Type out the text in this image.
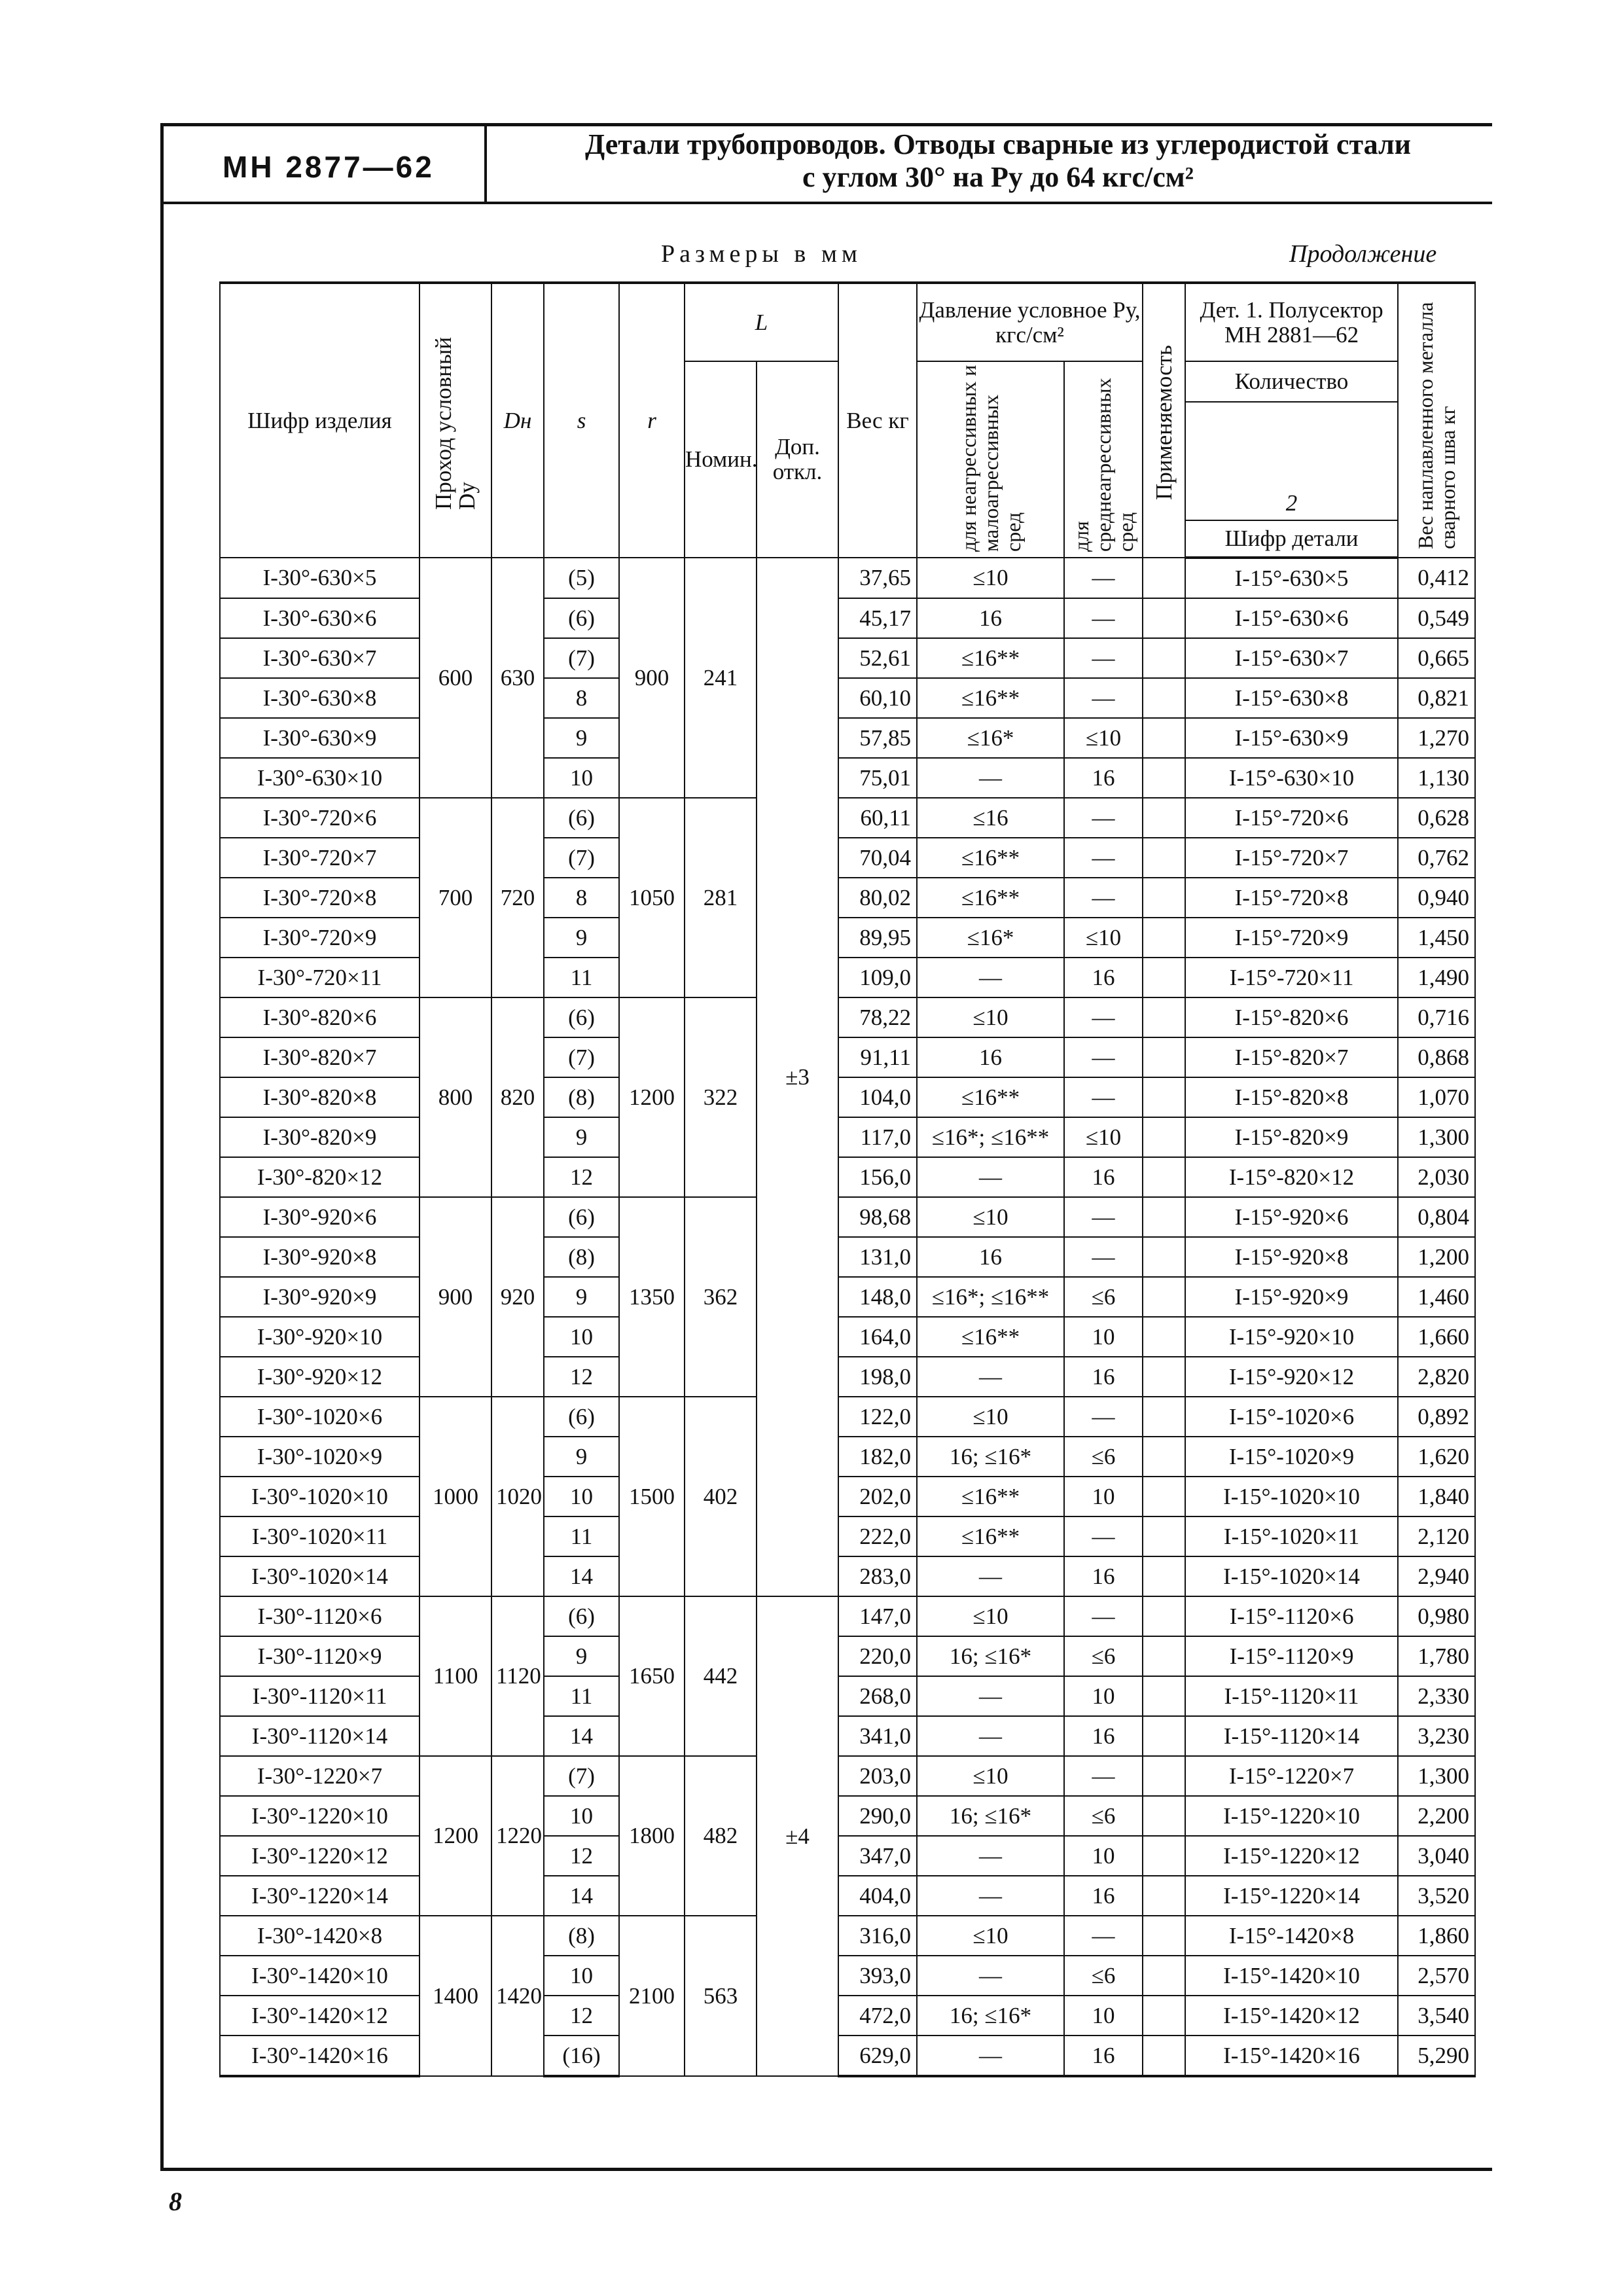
МН 2877—62
Детали трубопроводов. Отводы сварные из углеродистой стали
с углом 30° на Pу до 64 кгс/см²
Размеры в мм	Продолжение
Шифр изделия	Проход условный Dу	Dн	s	r	L		Вес кг	Давление условное Pу, кгс/см²		Применяемость	Дет. 1. Полусектор МН 2881—62	Вес наплавленного металла сварного шва кг
					Номин.	Доп. откл.		для неагрессивных и малоагрессивных сред	для среднеагрессивных сред		Количество	

											2
Шифр детали	

I-30°-630×5	600	630	(5)	900	241	±3	37,65	≤10	—		I-15°-630×5	0,412
I-30°-630×6			(6)				45,17	16	—		I-15°-630×6	0,549
I-30°-630×7			(7)				52,61	≤16**	—		I-15°-630×7	0,665
I-30°-630×8			8				60,10	≤16**	—		I-15°-630×8	0,821
I-30°-630×9			9				57,85	≤16*	≤10		I-15°-630×9	1,270
I-30°-630×10			10				75,01	—	16		I-15°-630×10	1,130
I-30°-720×6	700	720	(6)	1050	281		60,11	≤16	—		I-15°-720×6	0,628
I-30°-720×7			(7)				70,04	≤16**	—		I-15°-720×7	0,762
I-30°-720×8			8				80,02	≤16**	—		I-15°-720×8	0,940
I-30°-720×9			9				89,95	≤16*	≤10		I-15°-720×9	1,450
I-30°-720×11			11				109,0	—	16		I-15°-720×11	1,490
I-30°-820×6	800	820	(6)	1200	322		78,22	≤10	—		I-15°-820×6	0,716
I-30°-820×7			(7)				91,11	16	—		I-15°-820×7	0,868
I-30°-820×8			(8)				104,0	≤16**	—		I-15°-820×8	1,070
I-30°-820×9			9				117,0	≤16*; ≤16**	≤10		I-15°-820×9	1,300
I-30°-820×12			12				156,0	—	16		I-15°-820×12	2,030
I-30°-920×6	900	920	(6)	1350	362		98,68	≤10	—		I-15°-920×6	0,804
I-30°-920×8			(8)				131,0	16	—		I-15°-920×8	1,200
I-30°-920×9			9				148,0	≤16*; ≤16**	≤6		I-15°-920×9	1,460
I-30°-920×10			10				164,0	≤16**	10		I-15°-920×10	1,660
I-30°-920×12			12				198,0	—	16		I-15°-920×12	2,820
I-30°-1020×6	1000	1020	(6)	1500	402		122,0	≤10	—		I-15°-1020×6	0,892
I-30°-1020×9			9				182,0	16; ≤16*	≤6		I-15°-1020×9	1,620
I-30°-1020×10			10				202,0	≤16**	10		I-15°-1020×10	1,840
I-30°-1020×11			11				222,0	≤16**	—		I-15°-1020×11	2,120
I-30°-1020×14			14				283,0	—	16		I-15°-1020×14	2,940
I-30°-1120×6	1100	1120	(6)	1650	442	±4	147,0	≤10	—		I-15°-1120×6	0,980
I-30°-1120×9			9				220,0	16; ≤16*	≤6		I-15°-1120×9	1,780
I-30°-1120×11			11				268,0	—	10		I-15°-1120×11	2,330
I-30°-1120×14			14				341,0	—	16		I-15°-1120×14	3,230
I-30°-1220×7	1200	1220	(7)	1800	482		203,0	≤10	—		I-15°-1220×7	1,300
I-30°-1220×10			10				290,0	16; ≤16*	≤6		I-15°-1220×10	2,200
I-30°-1220×12			12				347,0	—	10		I-15°-1220×12	3,040
I-30°-1220×14			14				404,0	—	16		I-15°-1220×14	3,520
I-30°-1420×8	1400	1420	(8)	2100	563		316,0	≤10	—		I-15°-1420×8	1,860
I-30°-1420×10			10				393,0	—	≤6		I-15°-1420×10	2,570
I-30°-1420×12			12				472,0	16; ≤16*	10		I-15°-1420×12	3,540
I-30°-1420×16			(16)				629,0	—	16		I-15°-1420×16	5,290
8
